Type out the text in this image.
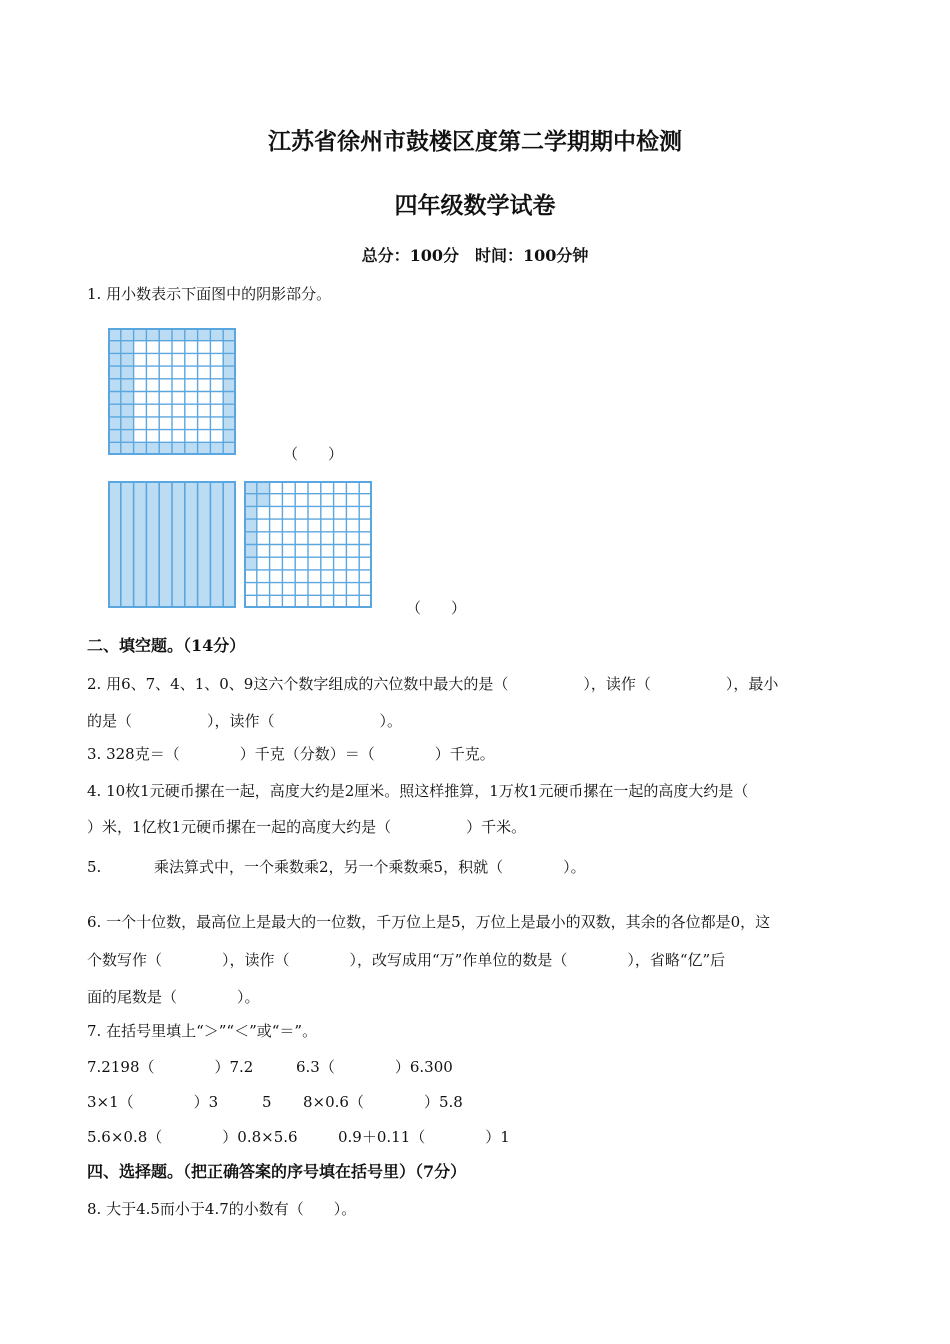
江苏省徐州市鼓楼区度第二学期期中检测
四年级数学试卷
总分：100分　时间：100分钟
1. 用小数表示下面图中的阴影部分。
（　　）
（　　）
二、填空题。（14分）
2. 用6、7、4、1、0、9这六个数字组成的六位数中最大的是（　　　　　），读作（　　　　　），最小
的是（　　　　　），读作（　　　　　　　）。
3. 328克＝（　　　　）千克（分数）＝（　　　　）千克。
4. 10枚1元硬币摞在一起，高度大约是2厘米。照这样推算，1万枚1元硬币摞在一起的高度大约是（
）米，1亿枚1元硬币摞在一起的高度大约是（　　　　　）千米。
5.	乘法算式中，一个乘数乘2，另一个乘数乘5，积就（　　　　）。
6. 一个十位数，最高位上是最大的一位数，千万位上是5，万位上是最小的双数，其余的各位都是0，这
个数写作（　　　　），读作（　　　　），改写成用“万”作单位的数是（　　　　），省略“亿”后
面的尾数是（　　　　）。
7. 在括号里填上“＞”“＜”或“＝”。
7.2198（　　　　）7.2	6.3（　　　　）6.300
3×1（　　　　）3	5 8×0.6（　　　　）5.8
5.6×0.8（　　　　）0.8×5.6	0.9＋0.11（　　　　）1
四、选择题。（把正确答案的序号填在括号里）（7分）
8. 大于4.5而小于4.7的小数有（　　）。
